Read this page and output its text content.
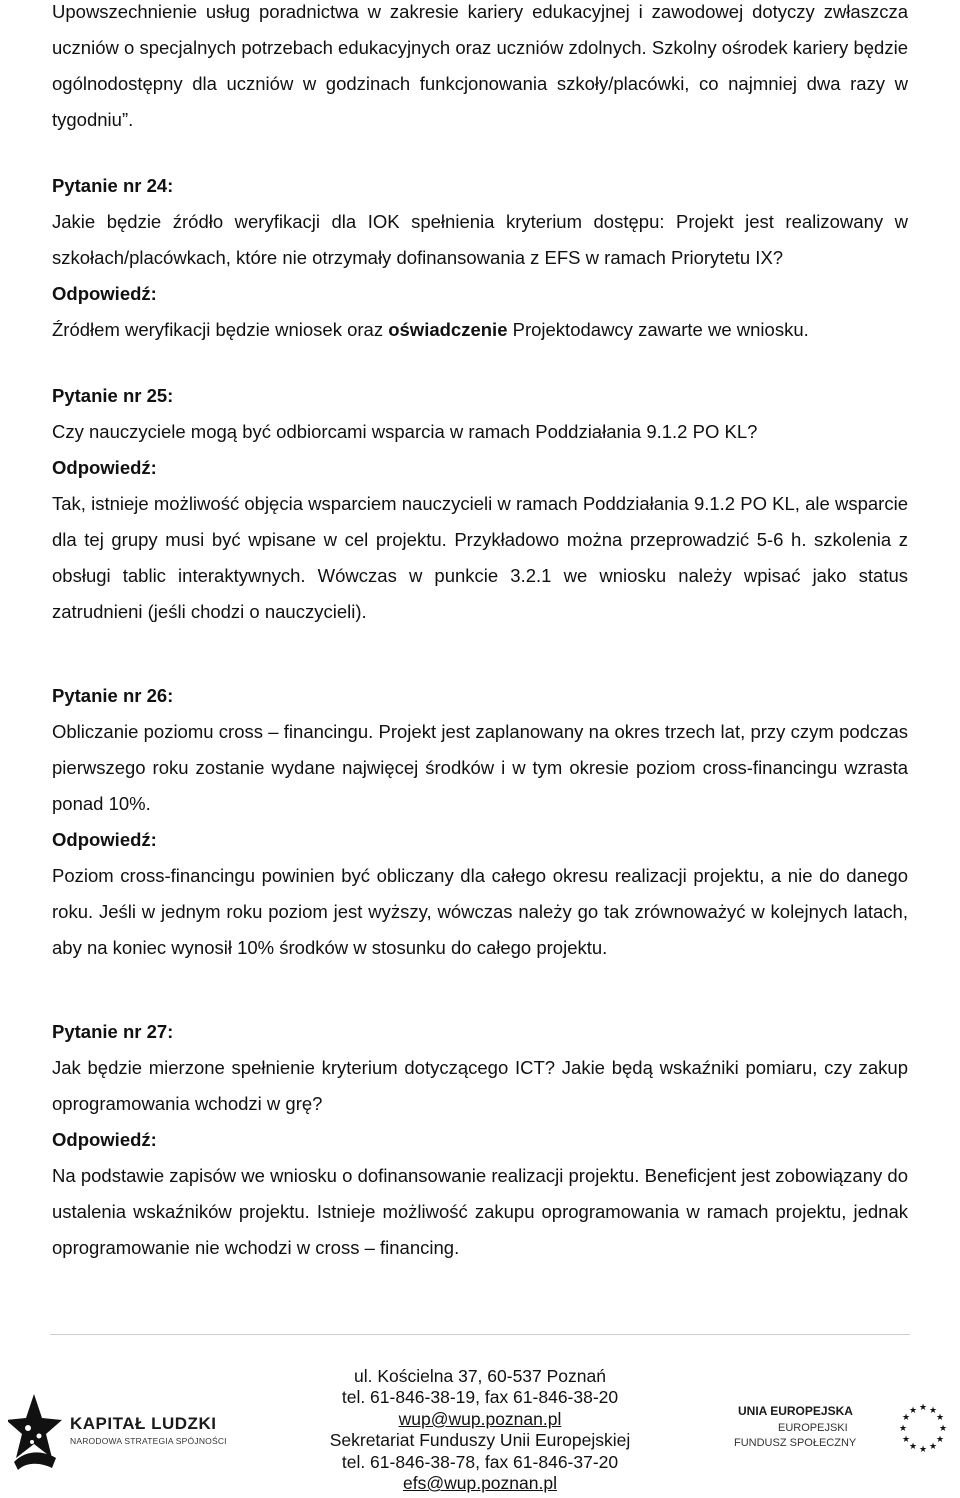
Upowszechnienie usług poradnictwa w zakresie kariery edukacyjnej i zawodowej dotyczy zwłaszcza uczniów o specjalnych potrzebach edukacyjnych oraz uczniów zdolnych. Szkolny ośrodek kariery będzie ogólnodostępny dla uczniów w godzinach funkcjonowania szkoły/placówki, co najmniej dwa razy w tygodniu”.

Pytanie nr 24:

Jakie będzie źródło weryfikacji dla IOK spełnienia kryterium dostępu: Projekt jest realizowany w szkołach/placówkach, które nie otrzymały dofinansowania z EFS w ramach Priorytetu IX?

Odpowiedź:

Źródłem weryfikacji będzie wniosek oraz oświadczenie Projektodawcy zawarte we wniosku.

Pytanie nr 25:

Czy nauczyciele mogą być odbiorcami wsparcia w ramach Poddziałania 9.1.2 PO KL?

Odpowiedź:

Tak, istnieje możliwość objęcia wsparciem nauczycieli w ramach Poddziałania 9.1.2 PO KL, ale wsparcie dla tej grupy musi być wpisane w cel projektu. Przykładowo można przeprowadzić 5-6 h. szkolenia z obsługi tablic interaktywnych. Wówczas w punkcie 3.2.1 we wniosku należy wpisać jako status zatrudnieni (jeśli chodzi o nauczycieli).

Pytanie nr 26:

Obliczanie poziomu cross – financingu. Projekt jest zaplanowany na okres trzech lat, przy czym podczas pierwszego roku zostanie wydane najwięcej środków i w tym okresie poziom cross-financingu wzrasta ponad 10%.

Odpowiedź:

Poziom cross-financingu powinien być obliczany dla całego okresu realizacji projektu, a nie do danego roku. Jeśli w jednym roku poziom jest wyższy, wówczas należy go tak zrównoważyć w kolejnych latach, aby na koniec wynosił 10% środków w stosunku do całego projektu.

Pytanie nr 27:

Jak będzie mierzone spełnienie kryterium dotyczącego ICT? Jakie będą wskaźniki pomiaru, czy zakup oprogramowania wchodzi w grę?

Odpowiedź:

Na podstawie zapisów we wniosku o dofinansowanie realizacji projektu. Beneficjent jest zobowiązany do ustalenia wskaźników projektu. Istnieje możliwość zakupu oprogramowania w ramach projektu, jednak oprogramowanie nie wchodzi w cross – financing.

ul. Kościelna 37, 60-537 Poznań
tel. 61-846-38-19, fax 61-846-38-20
wup@wup.poznan.pl
Sekretariat Funduszy Unii Europejskiej
tel. 61-846-38-78, fax 61-846-37-20
efs@wup.poznan.pl
KAPITAŁ LUDZKI
NARODOWA STRATEGIA SPÓJNOŚCI
UNIA EUROPEJSKA
EUROPEJSKI
FUNDUSZ SPOŁECZNY
★ ★
★
★
★
★
★
★
★
★
★
★
